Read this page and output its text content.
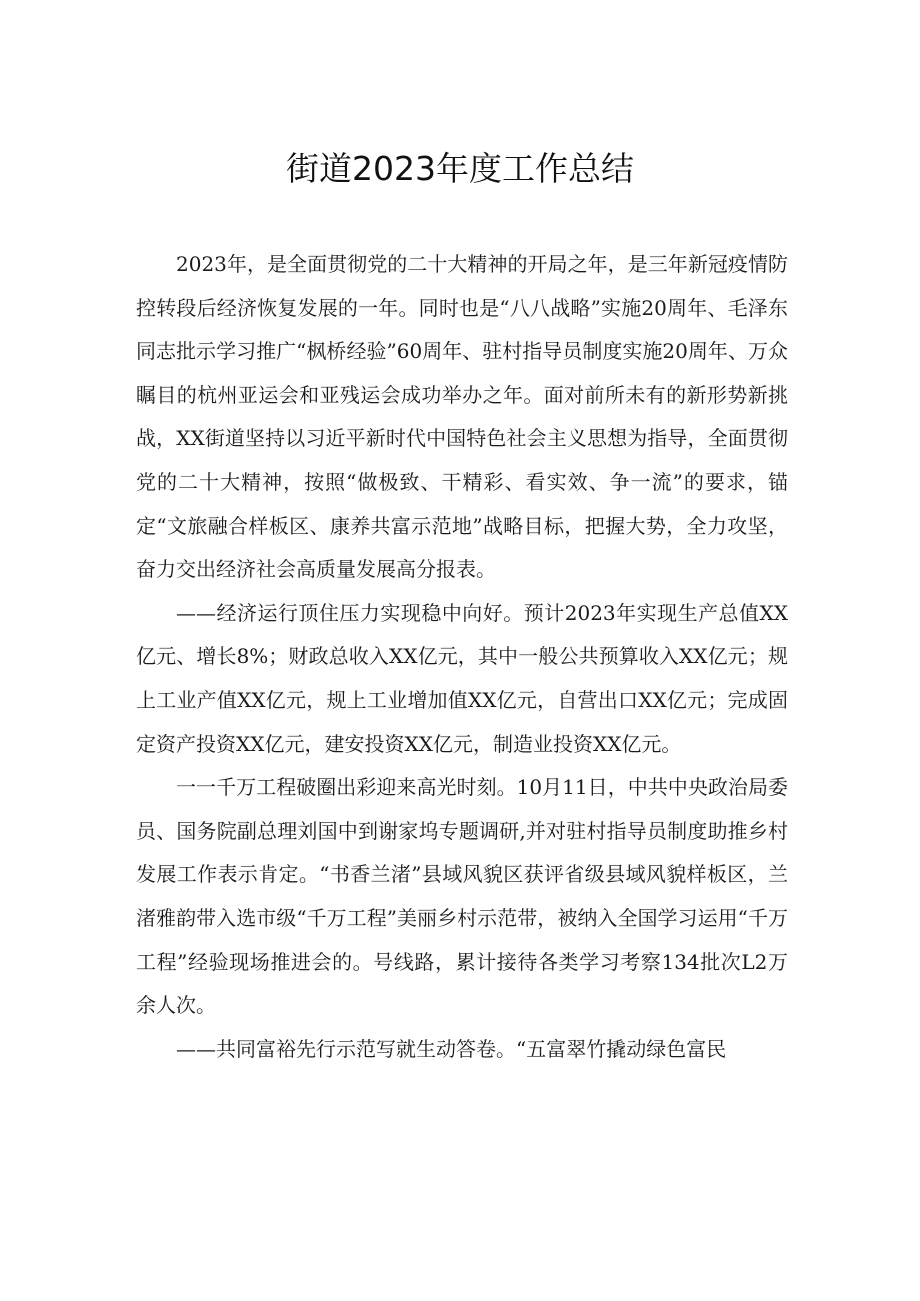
街道2023年度工作总结

2023年，是全面贯彻党的二十大精神的开局之年，是三年新冠疫情防控转段后经济恢复发展的一年。同时也是“八八战略”实施20周年、毛泽东同志批示学习推广“枫桥经验”60周年、驻村指导员制度实施20周年、万众瞩目的杭州亚运会和亚残运会成功举办之年。面对前所未有的新形势新挑战，XX街道坚持以习近平新时代中国特色社会主义思想为指导，全面贯彻党的二十大精神，按照“做极致、干精彩、看实效、争一流”的要求，锚定“文旅融合样板区、康养共富示范地”战略目标，把握大势，全力攻坚，奋力交出经济社会高质量发展高分报表。

——经济运行顶住压力实现稳中向好。预计2023年实现生产总值XX亿元、增长8%；财政总收入XX亿元，其中一般公共预算收入XX亿元；规上工业产值XX亿元，规上工业增加值XX亿元，自营出口XX亿元；完成固定资产投资XX亿元，建安投资XX亿元，制造业投资XX亿元。

一一千万工程破圈出彩迎来高光时刻。10月11日，中共中央政治局委员、国务院副总理刘国中到谢家坞专题调研,并对驻村指导员制度助推乡村发展工作表示肯定。“书香兰渚”县域风貌区获评省级县域风貌样板区，兰渚雅韵带入选市级“千万工程”美丽乡村示范带，被纳入全国学习运用“千万工程”经验现场推进会的。号线路，累计接待各类学习考察134批次L2万余人次。

——共同富裕先行示范写就生动答卷。“五富翠竹撬动绿色富民
